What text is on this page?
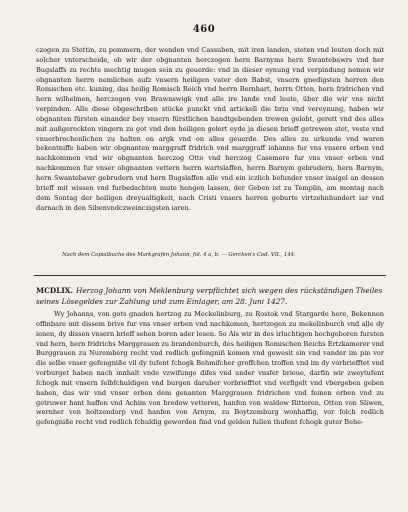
460

czogen zu Stettin, zu pommern, der wenden vnd Cassuben, mit iren landen, steten vnd leuten doch mit solcher vnterscheide, ob wir der obgnanten herczogen hern Barnyms hern Swantebawrs vnd her Bugslaffs zu rechte mechtig mugen sein zu geuerde: vnd in dieser eynung vnd verpindung nemen wir obgnanten herrn nemlichen aufz vnsern heiligen vater den Babst, vnsern gnedigsten herren den Romischen etc. kuning, das heilig Romisch Reich vnd herrn Bernhart, herrn Otten, hern fridrichen vnd hern wilhelmen, herczogen von Brawnswigk vnd alle ire lande vnd leute, über die wir vns nicht verpinden. Alle diese obgeschriben stücke punckt vnd artickell die briu vnd vereynung, haben wir obgnanten fürsten einander bey vnsern fürstlichen handtgebenden trewen gelobt, gerett vnd des alles mit außgereckten vingern zu got vnd den heiligen gelert eyde ja diesen brieff getrewen stet, veste vnd vnuerbrochenlichen zu halten on argk vnd on alles geuerde. Des alles zu urkunde vnd waren bekentniffe haben wir obgnanten marggraff fridrich vnd marggraff iohanns fur vns vnsere erben vnd nachkommen vnd wir obgnanten herczog Otto vnd herczog Casemere fur vns vnser erben vnd nachkommen fur vnser obgnanten vettern herrn wartslaffen, herrn Barnym gebrudern, hern Barnym, hern Swantebawr gebrudern vnd hern Bugslaffen alle vnd ein iczlich befunder vnser insigel an dessen brieff mit wissen vnd furbedachten mute hengen lassen, der Geben ist zu Templin, am montag nach dem Sontag der heiligen dreyualtigkeit, nach Cristi vnsers herren geburte virtzehnhundert iar vnd darnach in den Sibenvndczweinczigsten iaren.

Nach dem Copialbuche des Markgrafen Johann, fol. 4 a, b. — Gercken's Cod. VII., 144.
MCDLIX. Herzog Johann von Meklenburg verpflichtet sich wegen des rückständigen Theiles seines Lösegeldes zur Zahlung und zum Einlager, am 28. Juni 1427.

Wy Johanns, von gots gnaden hertzog zu Meckelinburg, zu Rostok vnd Stargarde here, Bekennen offinbare mit dissem brive fur vns vnser erben vnd nachkomen, hertzogen zu mekelinburch vnd alle dy ienen, dy dissen vnsern brieff sehen boren ader lesen. So Als wir in des irluchtigen hochgeboren fursten vnd hern, hern fridrichs Marggrauen zu brandenburch, des heiligen Romischen Reichs Ertzkamerer vnd Burggrauen zu Nuremberg recht vnd redlich gefengniß komen vnd gewesit sin vnd vander im pin vor die selbe vnser gefengniße vil dy tufent fchogk Behmifcher groffchen troffen vnd im dy vorbriefftet vnd vorburget haben nach innhalt vnde vzwifunge difes vnd ander vnsfer brieue, darfin wir zweytufent fchogk mit vnsern felbfchuldigen vnd burgen daruber vorbriefftet vnd verfigelt vnd vbergeben geben haben, das wir vnd vnser erben dem genanten Marggrauen fridrichen vnd feinen erben vnd zu getruwer hant haffen vnd Achim von bredow vetteren, hanfen von waldow Ritteren, Otten von Sliwen, wernher von holtzendorp vnd hanfen von Arnym, zu Boytzemburg wonhaffig, vor folch redlich gefengniße recht vnd redlich fchuldig geworden find vnd gelden fullen thufent fchogk guter Behe-
